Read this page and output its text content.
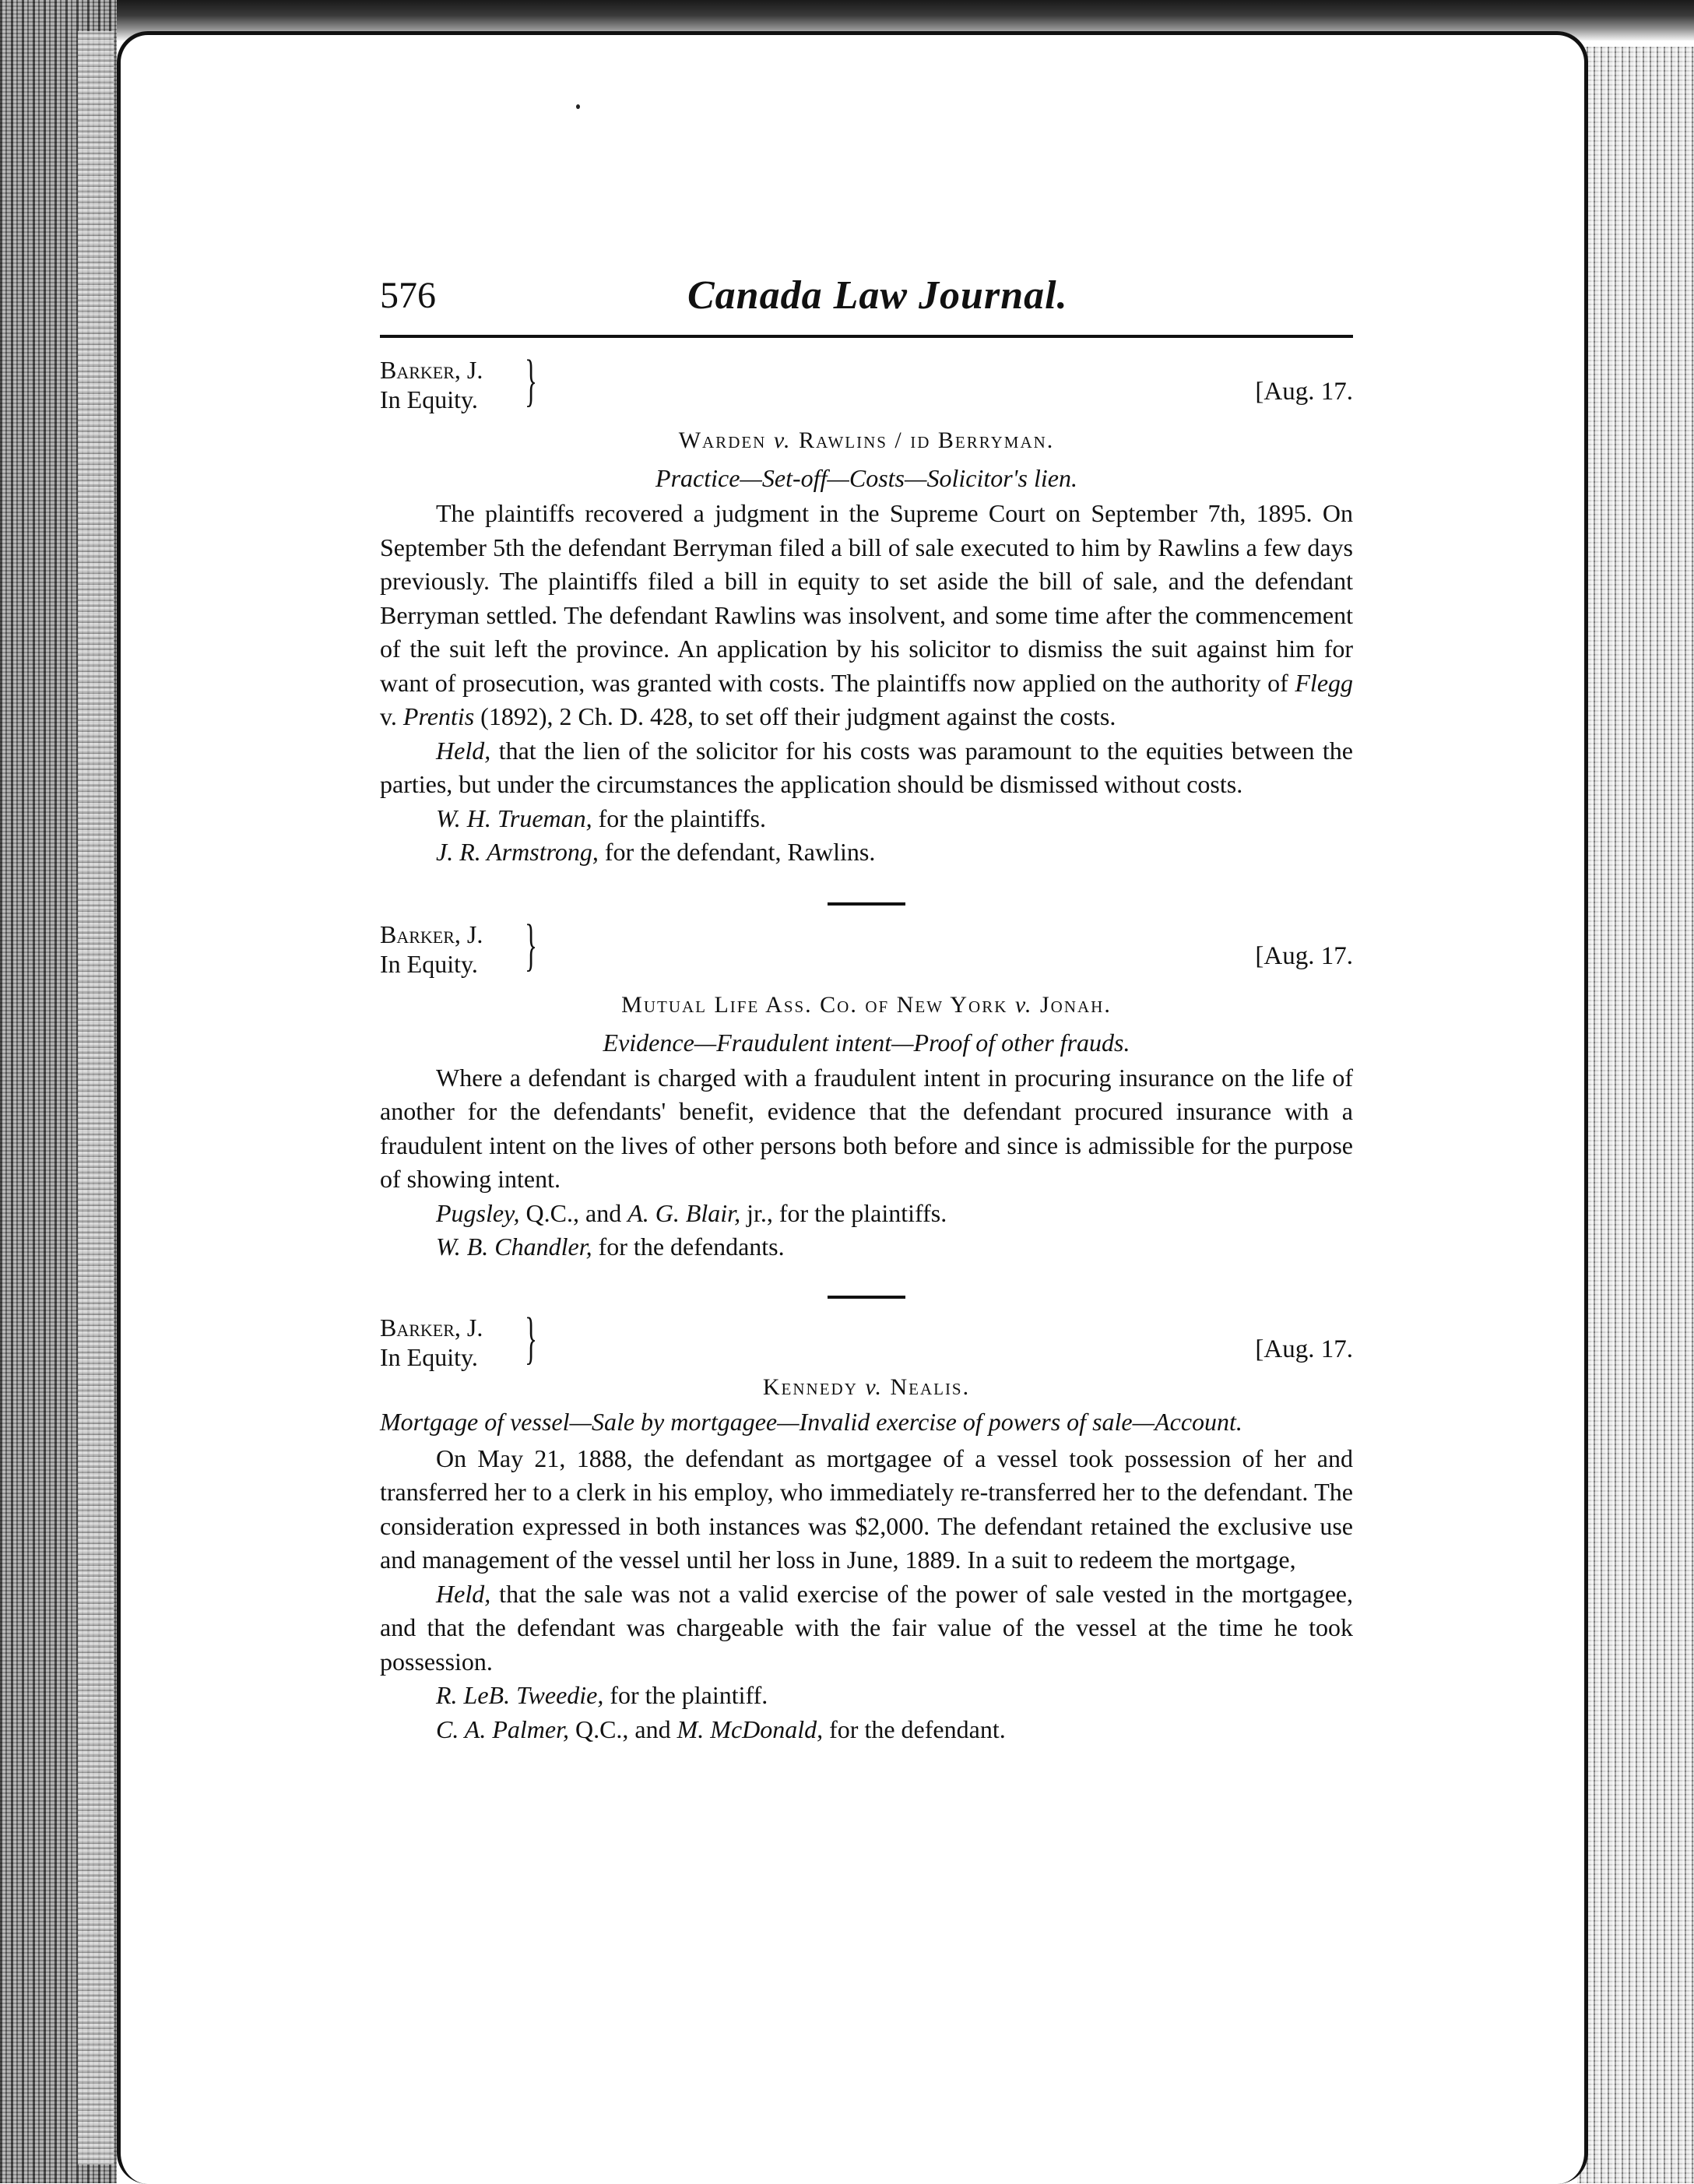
576	Canada Law Journal.
Barker, J.
In Equity. }	[Aug. 17.
Warden v. Rawlins / id Berryman.
Practice—Set-off—Costs—Solicitor's lien.

The plaintiffs recovered a judgment in the Supreme Court on September 7th, 1895. On September 5th the defendant Berryman filed a bill of sale executed to him by Rawlins a few days previously. The plaintiffs filed a bill in equity to set aside the bill of sale, and the defendant Berryman settled. The defendant Rawlins was insolvent, and some time after the commencement of the suit left the province. An application by his solicitor to dismiss the suit against him for want of prosecution, was granted with costs. The plaintiffs now applied on the authority of Flegg v. Prentis (1892), 2 Ch. D. 428, to set off their judgment against the costs.

Held, that the lien of the solicitor for his costs was paramount to the equities between the parties, but under the circumstances the application should be dismissed without costs.

W. H. Trueman, for the plaintiffs.

J. R. Armstrong, for the defendant, Rawlins.

Barker, J.
In Equity. }	[Aug. 17.
Mutual Life Ass. Co. of New York v. Jonah.
Evidence—Fraudulent intent—Proof of other frauds.

Where a defendant is charged with a fraudulent intent in procuring insurance on the life of another for the defendants' benefit, evidence that the defendant procured insurance with a fraudulent intent on the lives of other persons both before and since is admissible for the purpose of showing intent.

Pugsley, Q.C., and A. G. Blair, jr., for the plaintiffs.

W. B. Chandler, for the defendants.

Barker, J.
In Equity. }	[Aug. 17.
Kennedy v. Nealis.
Mortgage of vessel—Sale by mortgagee—Invalid exercise of powers of sale—Account.

On May 21, 1888, the defendant as mortgagee of a vessel took possession of her and transferred her to a clerk in his employ, who immediately re-transferred her to the defendant. The consideration expressed in both instances was $2,000. The defendant retained the exclusive use and management of the vessel until her loss in June, 1889. In a suit to redeem the mortgage,

Held, that the sale was not a valid exercise of the power of sale vested in the mortgagee, and that the defendant was chargeable with the fair value of the vessel at the time he took possession.

R. LeB. Tweedie, for the plaintiff.

C. A. Palmer, Q.C., and M. McDonald, for the defendant.
